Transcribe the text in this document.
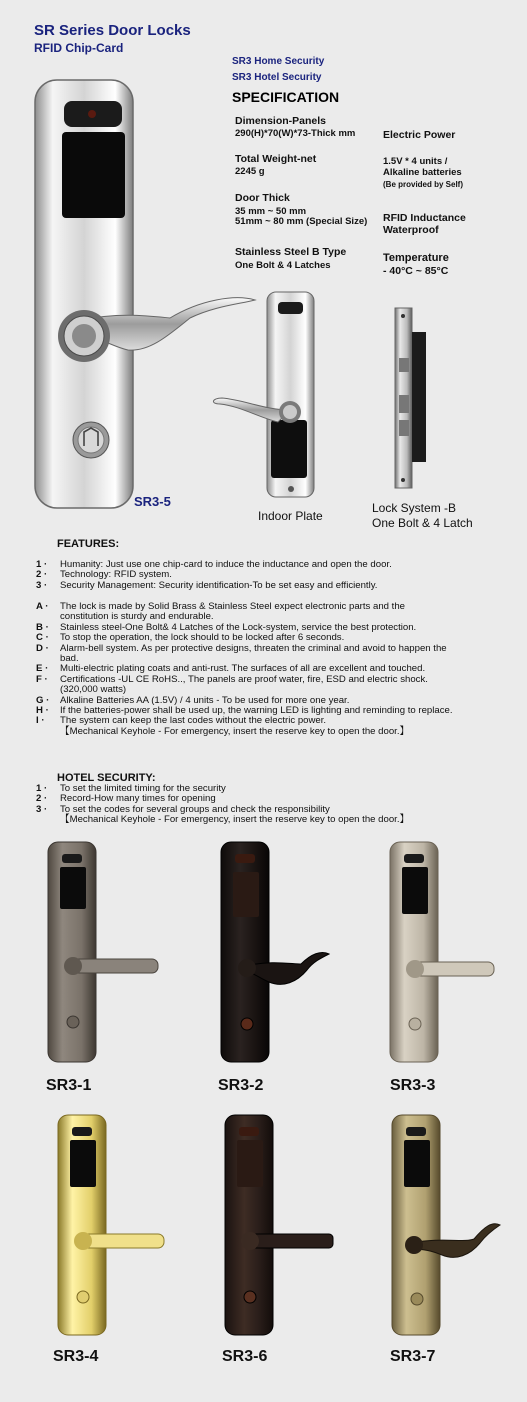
SR Series Door Locks
RFID Chip-Card
SR3-5
Indoor Plate
Lock System -B
One Bolt & 4 Latch
SR3 Home Security
SR3 Hotel Security
SPECIFICATION
Dimension-Panels
290(H)*70(W)*73-Thick mm
Total Weight-net
2245 g
Door Thick
35 mm ~ 50 mm
51mm ~ 80 mm (Special Size)
Stainless Steel B Type
One Bolt & 4 Latches
Electric Power
1.5V * 4 units /
Alkaline batteries
(Be provided by Self)
RFID Inductance
Waterproof
Temperature
- 40°C ~ 85°C
FEATURES:
1 ·	Humanity: Just use one chip-card to induce the inductance and open the door.
2 ·	Technology: RFID system.
3 ·	Security Management: Security identification-To be set easy and efficiently.
A ·	The lock is made by Solid Brass & Stainless Steel expect electronic parts and the constitution is sturdy and endurable.
B ·	Stainless steel-One Bolt& 4 Latches of the Lock-system, service the best protection.
C ·	To stop the operation, the lock should to be locked after 6 seconds.
D ·	Alarm-bell system. As per protective designs, threaten the criminal and avoid to happen the bad.
E ·	Multi-electric plating coats and anti-rust. The surfaces of all are excellent and touched.
F ·	Certifications -UL CE RoHS.., The panels are proof water, fire, ESD and electric shock.(320,000 watts)
G ·	Alkaline Batteries AA (1.5V) / 4 units - To be used for more one year.
H ·	If the batteries-power shall be used up, the warning LED is lighting and reminding to replace.
I ·	The system can keep the last codes without the electric power.
【Mechanical Keyhole - For emergency, insert the reserve key to open the door.】
HOTEL SECURITY:
1 ·	To set the limited timing for the security
2 ·	Record-How many times for opening
3 ·	To set the codes for several groups and check the responsibility
【Mechanical Keyhole - For emergency, insert the reserve key to open the door.】
SR3-1	SR3-2	SR3-3
SR3-4	SR3-6	SR3-7
